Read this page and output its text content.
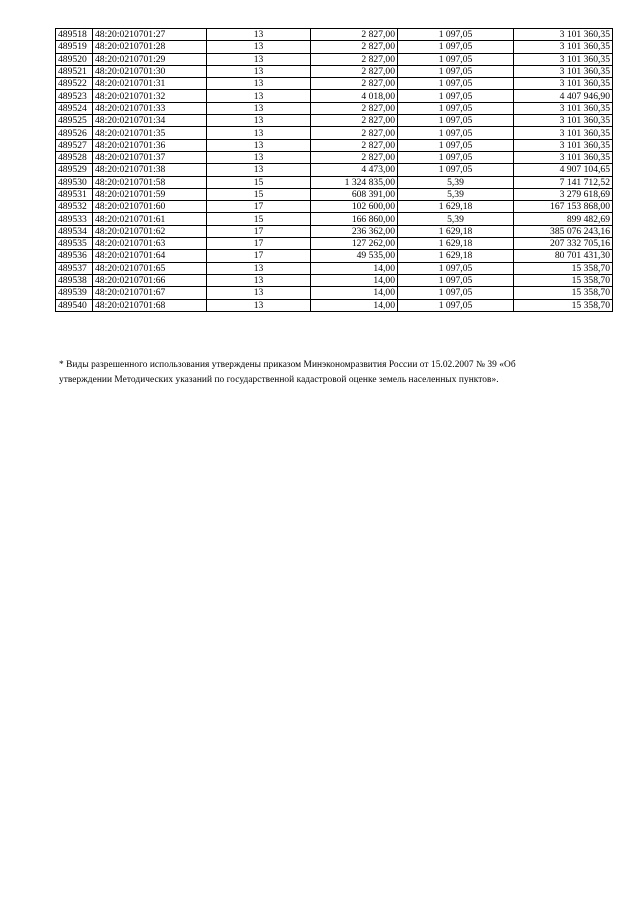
489518	48:20:0210701:27	13	2 827,00	1 097,05	3 101 360,35
489519	48:20:0210701:28	13	2 827,00	1 097,05	3 101 360,35
489520	48:20:0210701:29	13	2 827,00	1 097,05	3 101 360,35
489521	48:20:0210701:30	13	2 827,00	1 097,05	3 101 360,35
489522	48:20:0210701:31	13	2 827,00	1 097,05	3 101 360,35
489523	48:20:0210701:32	13	4 018,00	1 097,05	4 407 946,90
489524	48:20:0210701:33	13	2 827,00	1 097,05	3 101 360,35
489525	48:20:0210701:34	13	2 827,00	1 097,05	3 101 360,35
489526	48:20:0210701:35	13	2 827,00	1 097,05	3 101 360,35
489527	48:20:0210701:36	13	2 827,00	1 097,05	3 101 360,35
489528	48:20:0210701:37	13	2 827,00	1 097,05	3 101 360,35
489529	48:20:0210701:38	13	4 473,00	1 097,05	4 907 104,65
489530	48:20:0210701:58	15	1 324 835,00	5,39	7 141 712,52
489531	48:20:0210701:59	15	608 391,00	5,39	3 279 618,69
489532	48:20:0210701:60	17	102 600,00	1 629,18	167 153 868,00
489533	48:20:0210701:61	15	166 860,00	5,39	899 482,69
489534	48:20:0210701:62	17	236 362,00	1 629,18	385 076 243,16
489535	48:20:0210701:63	17	127 262,00	1 629,18	207 332 705,16
489536	48:20:0210701:64	17	49 535,00	1 629,18	80 701 431,30
489537	48:20:0210701:65	13	14,00	1 097,05	15 358,70
489538	48:20:0210701:66	13	14,00	1 097,05	15 358,70
489539	48:20:0210701:67	13	14,00	1 097,05	15 358,70
489540	48:20:0210701:68	13	14,00	1 097,05	15 358,70

* Виды разрешенного использования утверждены приказом Минэкономразвития России от 15.02.2007 № 39 «Об

утверждении Методических указаний по государственной кадастровой оценке земель населенных пунктов».
